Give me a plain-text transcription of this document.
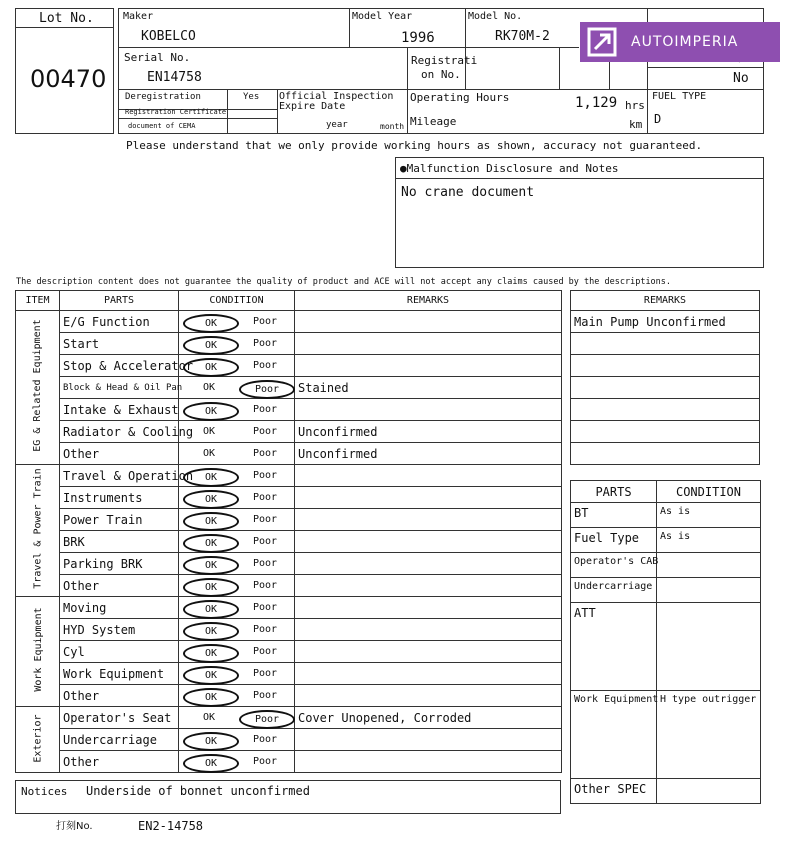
Lot No.
00470
Maker
KOBELCO
Model Year
1996
Model No.
RK70M-2
Serial No.
EN14758
Registrati
on No.	No
Deregistration	Yes
Registration Certificate
document of CEMA
Official Inspection
Expire Date
year	month
Operating Hours	1,129 hrs
Mileage	km
FUEL TYPE
D
AUTOIMPERIA
Please understand that we only provide working hours as shown, accuracy not guaranteed.
●Malfunction Disclosure and Notes
No crane document
The description content does not guarantee the quality of product and ACE will not accept any claims caused by the descriptions.
ITEM	PARTS	CONDITION	REMARKS

EG & Related Equipment	E/G Function	OK Poor	

	Start	OK Poor	

	Stop & Accelerator	OK Poor	

	Block & Head & Oil Pan	OK Poor	Stained
	Intake & Exhaust	OK Poor	

	Radiator & Cooling	OK Poor	Unconfirmed
	Other	OK Poor	Unconfirmed

Travel & Power Train	Travel & Operation	OK Poor	

	Instruments	OK Poor	

	Power Train	OK Poor	

	BRK	OK Poor	

	Parking BRK	OK Poor	

	Other	OK Poor	

Work Equipment	Moving	OK Poor	

	HYD System	OK Poor	

	Cyl	OK Poor	

	Work Equipment	OK Poor	

	Other	OK Poor	

Exterior	Operator's Seat	OK Poor	Cover Unopened, Corroded
	Undercarriage	OK Poor	

	Other	OK Poor	

REMARKS
Main Pump Unconfirmed

PARTS	CONDITION
BT	As is
Fuel Type	As is
Operator's CAB	
Undercarriage	
ATT	
Work Equipment	H type outrigger
Other SPEC	
Notices Underside of bonnet unconfirmed
打刻No.	EN2-14758
